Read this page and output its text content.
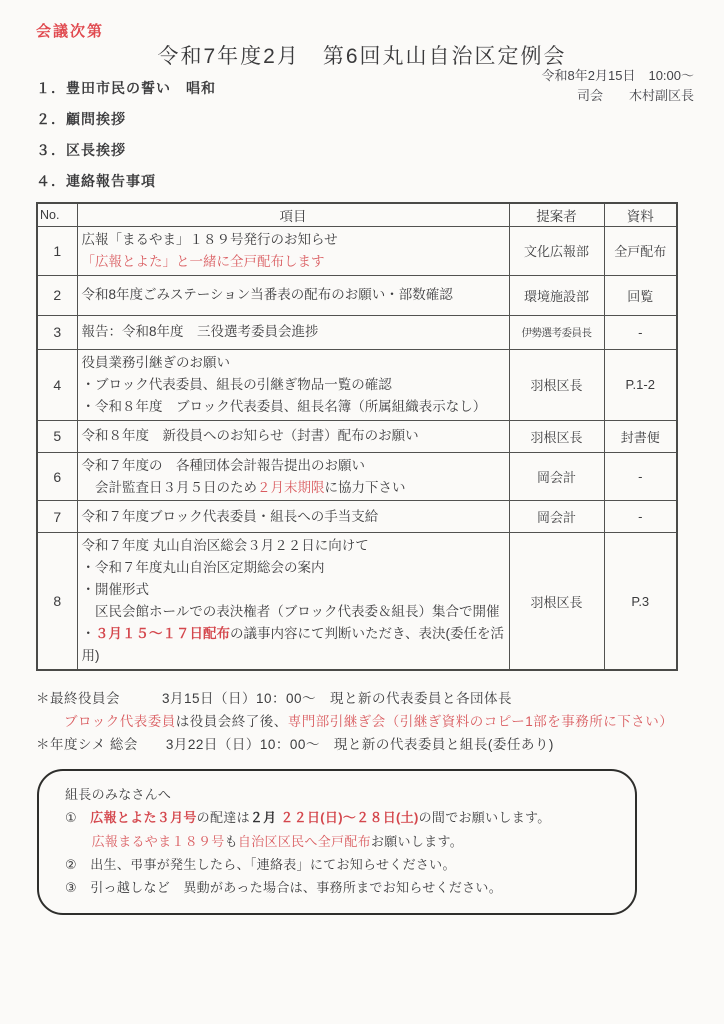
会議次第
令和7年度2月　第6回丸山自治区定例会
令和8年2月15日　10:00～
司会　　木村副区長
１．豊田市民の誓い　唱和
２．顧問挨拶
３．区長挨拶
４．連絡報告事項
No.	項目	提案者	資料
1	広報「まるやま」１８９号発行のお知らせ
「広報とよた」と一緒に全戸配布します	文化広報部	全戸配布
2	令和8年度ごみステーション当番表の配布のお願い・部数確認	環境施設部	回覧
3	報告：令和8年度　三役選考委員会進捗	伊勢選考委員長	-
4	役員業務引継ぎのお願い
・ブロック代表委員、組長の引継ぎ物品一覧の確認
・令和８年度　ブロック代表委員、組長名簿（所属組織表示なし）	羽根区長	P.1-2
5	令和８年度　新役員へのお知らせ（封書）配布のお願い	羽根区長	封書便
6	令和７年度の　各種団体会計報告提出のお願い
　会計監査日３月５日のため２月末期限に協力下さい	岡会計	-
7	令和７年度ブロック代表委員・組長への手当支給	岡会計	-
8	令和７年度 丸山自治区総会３月２２日に向けて
・令和７年度丸山自治区定期総会の案内
・開催形式
　区民会館ホールでの表決権者（ブロック代表委＆組長）集合で開催
・３月１５～１７日配布の議事内容にて判断いただき、表決(委任を活用)	羽根区長	P.3
＊最終役員会　　　3月15日（日）10：00～　現と新の代表委員と各団体長
　　ブロック代表委員は役員会終了後、専門部引継ぎ会（引継ぎ資料のコピー1部を事務所に下さい）
＊年度シメ 総会　　3月22日（日）10：00～　現と新の代表委員と組長(委任あり)
組長のみなさんへ
①　広報とよた３月号の配達は２月 ２２日(日)～２８日(土)の間でお願いします。
　　広報まるやま１８９号も自治区区民へ全戸配布お願いします。
②　出生、弔事が発生したら、「連絡表」にてお知らせください。
③　引っ越しなど　異動があった場合は、事務所までお知らせください。
